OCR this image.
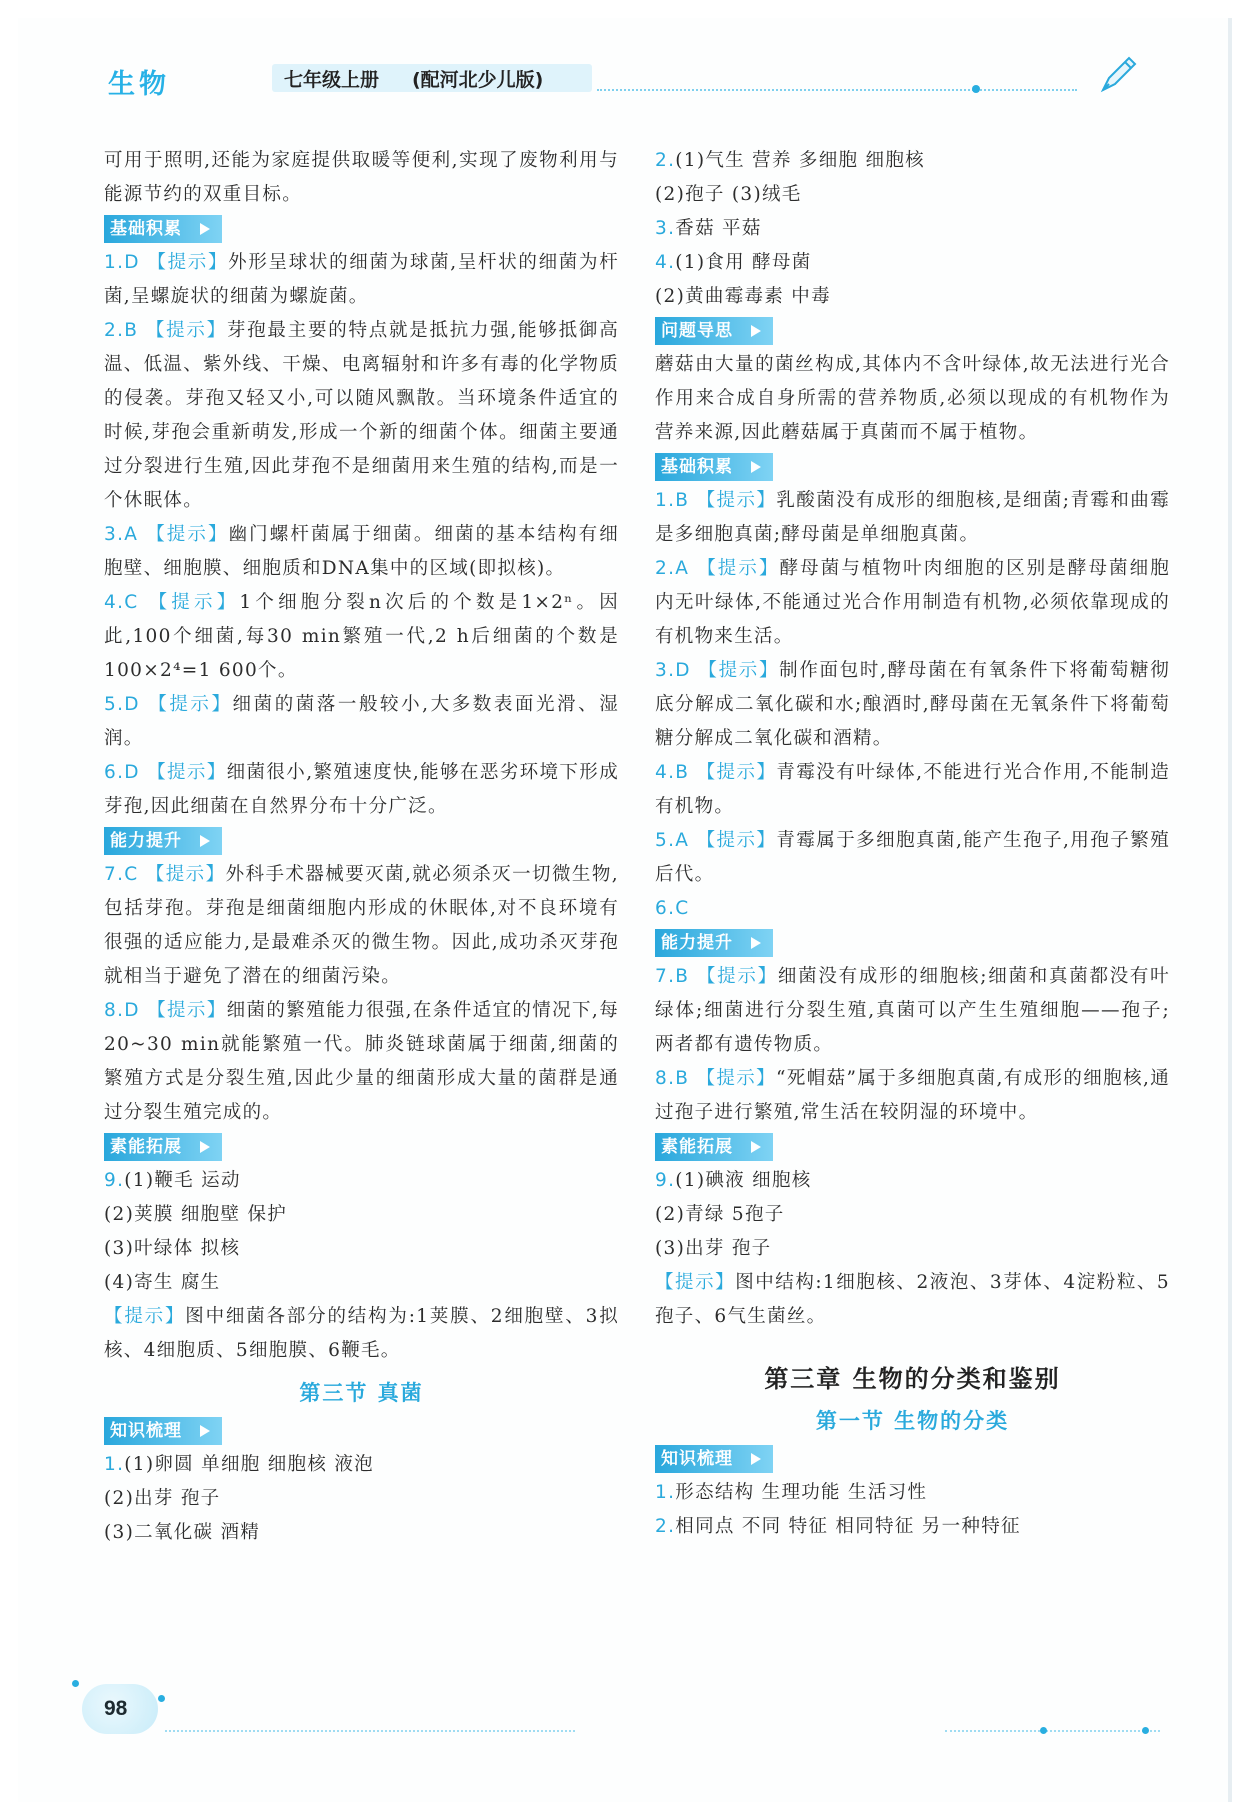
生物	七年级上册 (配河北少儿版)

可用于照明,还能为家庭提供取暖等便利,实现了废物利用与能源节约的双重目标。

基础积累

1.D 【提示】外形呈球状的细菌为球菌,呈杆状的细菌为杆菌,呈螺旋状的细菌为螺旋菌。

2.B 【提示】芽孢最主要的特点就是抵抗力强,能够抵御高温、低温、紫外线、干燥、电离辐射和许多有毒的化学物质的侵袭。芽孢又轻又小,可以随风飘散。当环境条件适宜的时候,芽孢会重新萌发,形成一个新的细菌个体。细菌主要通过分裂进行生殖,因此芽孢不是细菌用来生殖的结构,而是一个休眠体。

3.A 【提示】幽门螺杆菌属于细菌。细菌的基本结构有细胞壁、细胞膜、细胞质和DNA集中的区域(即拟核)。

4.C 【提示】1个细胞分裂n次后的个数是1×2ⁿ。因此,100个细菌,每30 min繁殖一代,2 h后细菌的个数是100×2⁴=1 600个。

5.D 【提示】细菌的菌落一般较小,大多数表面光滑、湿润。

6.D 【提示】细菌很小,繁殖速度快,能够在恶劣环境下形成芽孢,因此细菌在自然界分布十分广泛。

能力提升

7.C 【提示】外科手术器械要灭菌,就必须杀灭一切微生物,包括芽孢。芽孢是细菌细胞内形成的休眠体,对不良环境有很强的适应能力,是最难杀灭的微生物。因此,成功杀灭芽孢就相当于避免了潜在的细菌污染。

8.D 【提示】细菌的繁殖能力很强,在条件适宜的情况下,每20~30 min就能繁殖一代。肺炎链球菌属于细菌,细菌的繁殖方式是分裂生殖,因此少量的细菌形成大量的菌群是通过分裂生殖完成的。

素能拓展

9.(1)鞭毛 运动

(2)荚膜 细胞壁 保护

(3)叶绿体 拟核

(4)寄生 腐生

【提示】图中细菌各部分的结构为:1荚膜、2细胞壁、3拟核、4细胞质、5细胞膜、6鞭毛。

第三节 真菌
知识梳理

1.(1)卵圆 单细胞 细胞核 液泡

(2)出芽 孢子

(3)二氧化碳 酒精

2.(1)气生 营养 多细胞 细胞核

(2)孢子 (3)绒毛

3.香菇 平菇

4.(1)食用 酵母菌

(2)黄曲霉毒素 中毒

问题导思

蘑菇由大量的菌丝构成,其体内不含叶绿体,故无法进行光合作用来合成自身所需的营养物质,必须以现成的有机物作为营养来源,因此蘑菇属于真菌而不属于植物。

基础积累

1.B 【提示】乳酸菌没有成形的细胞核,是细菌;青霉和曲霉是多细胞真菌;酵母菌是单细胞真菌。

2.A 【提示】酵母菌与植物叶肉细胞的区别是酵母菌细胞内无叶绿体,不能通过光合作用制造有机物,必须依靠现成的有机物来生活。

3.D 【提示】制作面包时,酵母菌在有氧条件下将葡萄糖彻底分解成二氧化碳和水;酿酒时,酵母菌在无氧条件下将葡萄糖分解成二氧化碳和酒精。

4.B 【提示】青霉没有叶绿体,不能进行光合作用,不能制造有机物。

5.A 【提示】青霉属于多细胞真菌,能产生孢子,用孢子繁殖后代。

6.C

能力提升

7.B 【提示】细菌没有成形的细胞核;细菌和真菌都没有叶绿体;细菌进行分裂生殖,真菌可以产生生殖细胞——孢子;两者都有遗传物质。

8.B 【提示】“死帽菇”属于多细胞真菌,有成形的细胞核,通过孢子进行繁殖,常生活在较阴湿的环境中。

素能拓展

9.(1)碘液 细胞核

(2)青绿 5孢子

(3)出芽 孢子

【提示】图中结构:1细胞核、2液泡、3芽体、4淀粉粒、5孢子、6气生菌丝。

第三章 生物的分类和鉴别
第一节 生物的分类
知识梳理

1.形态结构 生理功能 生活习性

2.相同点 不同 特征 相同特征 另一种特征

98
